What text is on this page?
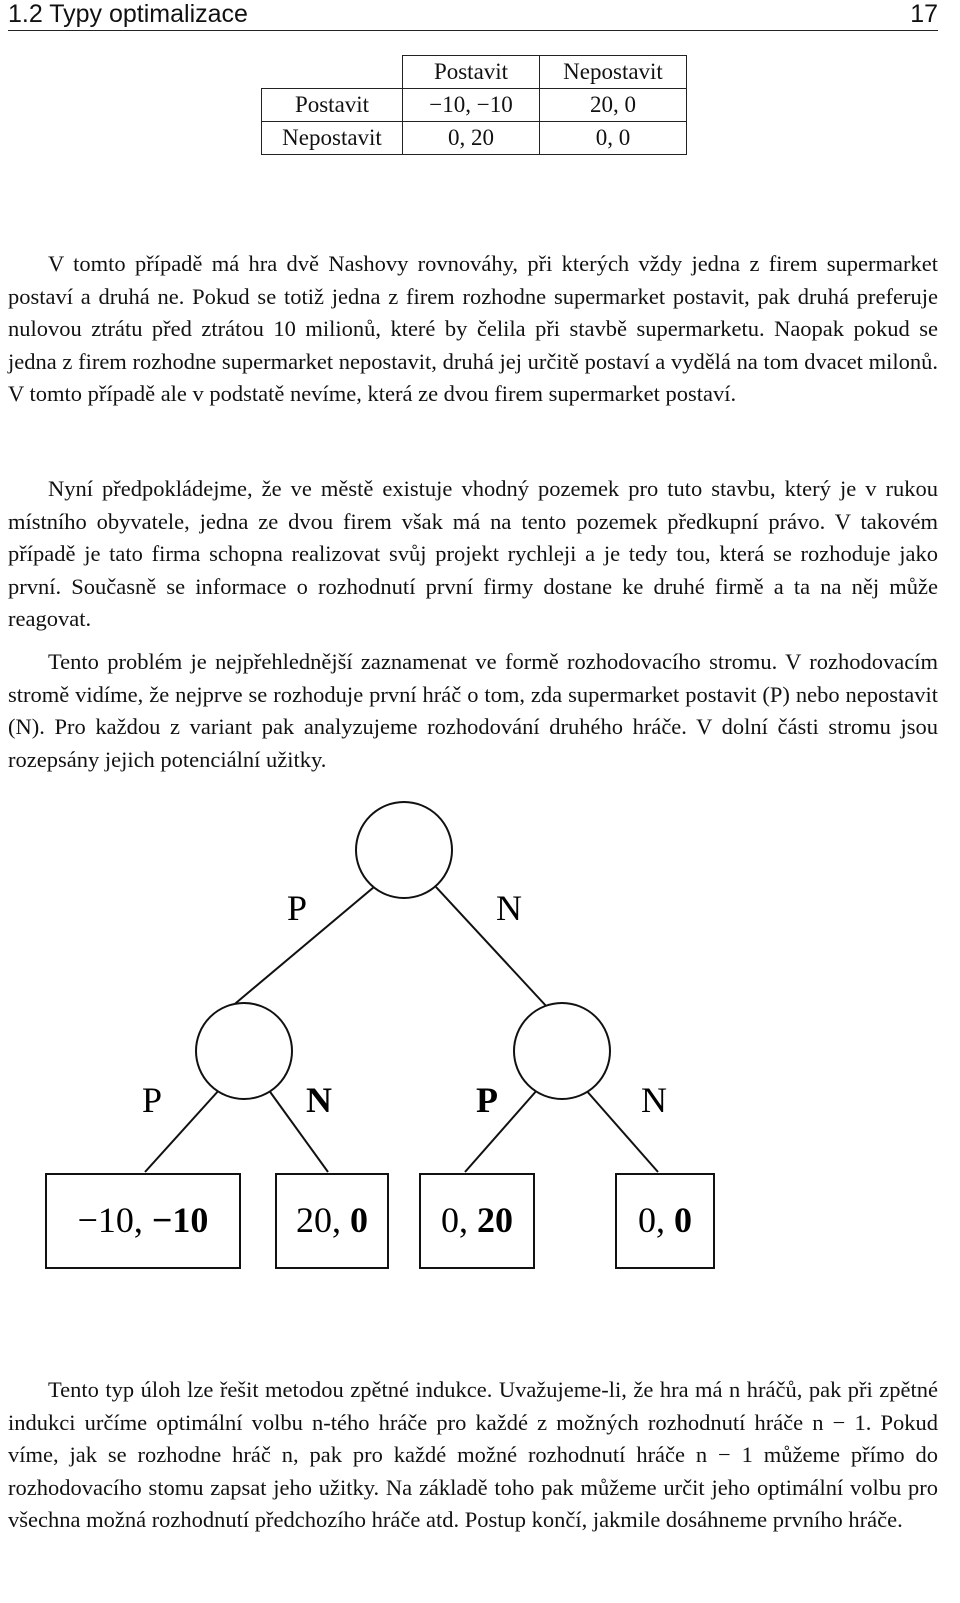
1.2 Typy optimalizace	17
	Postavit	Nepostavit
Postavit	−10, −10	20, 0
Nepostavit	0, 20	0, 0

V tomto případě má hra dvě Nashovy rovnováhy, při kterých vždy jedna z firem supermarket postaví a druhá ne. Pokud se totiž jedna z firem rozhodne supermarket postavit, pak druhá preferuje nulovou ztrátu před ztrátou 10 milionů, které by čelila při stavbě supermarketu. Naopak pokud se jedna z firem rozhodne supermarket nepostavit, druhá jej určitě postaví a vydělá na tom dvacet milonů. V tomto případě ale v podstatě nevíme, která ze dvou firem supermarket postaví.

Nyní předpokládejme, že ve městě existuje vhodný pozemek pro tuto stavbu, který je v rukou místního obyvatele, jedna ze dvou firem však má na tento pozemek předkupní právo. V takovém případě je tato firma schopna realizovat svůj projekt rychleji a je tedy tou, která se rozhoduje jako první. Současně se informace o rozhodnutí první firmy dostane ke druhé firmě a ta na něj může reagovat.

Tento problém je nejpřehlednější zaznamenat ve formě rozhodovacího stromu. V rozhodovacím stromě vidíme, že nejprve se rozhoduje první hráč o tom, zda supermarket postavit (P) nebo nepostavit (N). Pro každou z variant pak analyzujeme rozhodování druhého hráče. V dolní části stromu jsou rozepsány jejich potenciální užitky.

P	N
P	N	P	N
−10, −10 20, 0 0, 20	0, 0

Tento typ úloh lze řešit metodou zpětné indukce. Uvažujeme-li, že hra má n hráčů, pak při zpětné indukci určíme optimální volbu n-tého hráče pro každé z možných rozhodnutí hráče n − 1. Pokud víme, jak se rozhodne hráč n, pak pro každé možné rozhodnutí hráče n − 1 můžeme přímo do rozhodovacího stomu zapsat jeho užitky. Na základě toho pak můžeme určit jeho optimální volbu pro všechna možná rozhodnutí předchozího hráče atd. Postup končí, jakmile dosáhneme prvního hráče.
